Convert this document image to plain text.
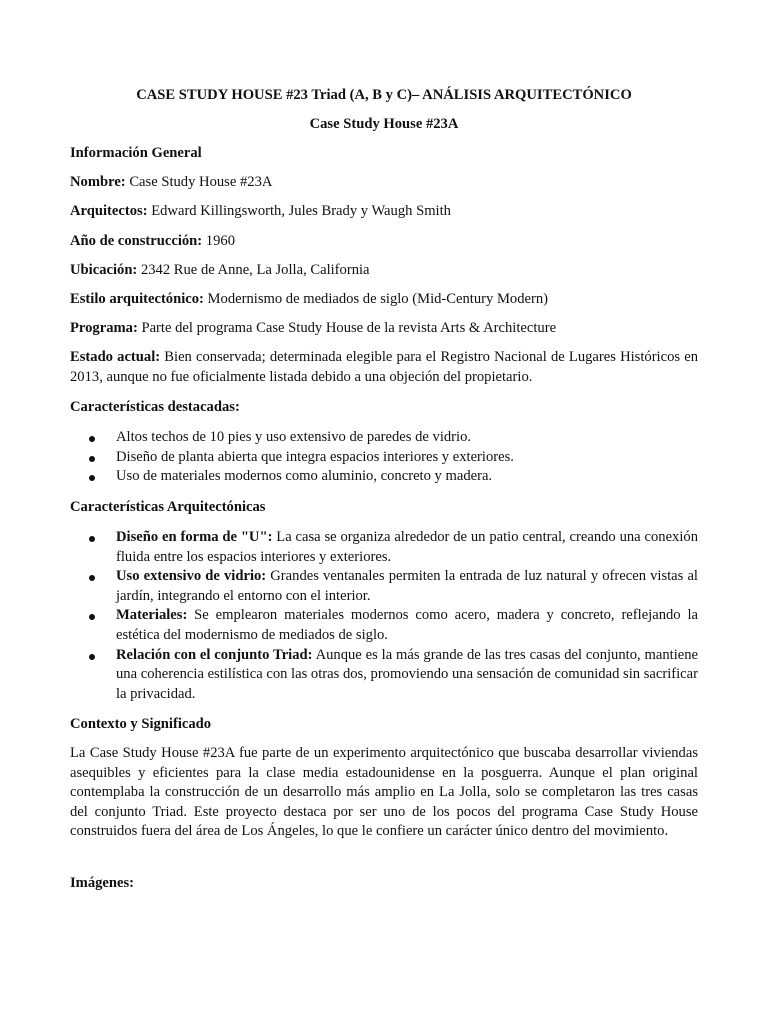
CASE STUDY HOUSE #23 Triad (A, B y C)– ANÁLISIS ARQUITECTÓNICO

Case Study House #23A

Información General

Nombre: Case Study House #23A

Arquitectos: Edward Killingsworth, Jules Brady y Waugh Smith

Año de construcción: 1960

Ubicación: 2342 Rue de Anne, La Jolla, California

Estilo arquitectónico: Modernismo de mediados de siglo (Mid-Century Modern)

Programa: Parte del programa Case Study House de la revista Arts & Architecture

Estado actual: Bien conservada; determinada elegible para el Registro Nacional de Lugares Históricos en 2013, aunque no fue oficialmente listada debido a una objeción del propietario.

Características destacadas:

Altos techos de 10 pies y uso extensivo de paredes de vidrio.
Diseño de planta abierta que integra espacios interiores y exteriores.
Uso de materiales modernos como aluminio, concreto y madera.

Características Arquitectónicas

Diseño en forma de "U": La casa se organiza alrededor de un patio central, creando una conexión fluida entre los espacios interiores y exteriores.
Uso extensivo de vidrio: Grandes ventanales permiten la entrada de luz natural y ofrecen vistas al jardín, integrando el entorno con el interior.
Materiales: Se emplearon materiales modernos como acero, madera y concreto, reflejando la estética del modernismo de mediados de siglo.
Relación con el conjunto Triad: Aunque es la más grande de las tres casas del conjunto, mantiene una coherencia estilística con las otras dos, promoviendo una sensación de comunidad sin sacrificar la privacidad.

Contexto y Significado

La Case Study House #23A fue parte de un experimento arquitectónico que buscaba desarrollar viviendas asequibles y eficientes para la clase media estadounidense en la posguerra. Aunque el plan original contemplaba la construcción de un desarrollo más amplio en La Jolla, solo se completaron las tres casas del conjunto Triad. Este proyecto destaca por ser uno de los pocos del programa Case Study House construidos fuera del área de Los Ángeles, lo que le confiere un carácter único dentro del movimiento.

Imágenes:
